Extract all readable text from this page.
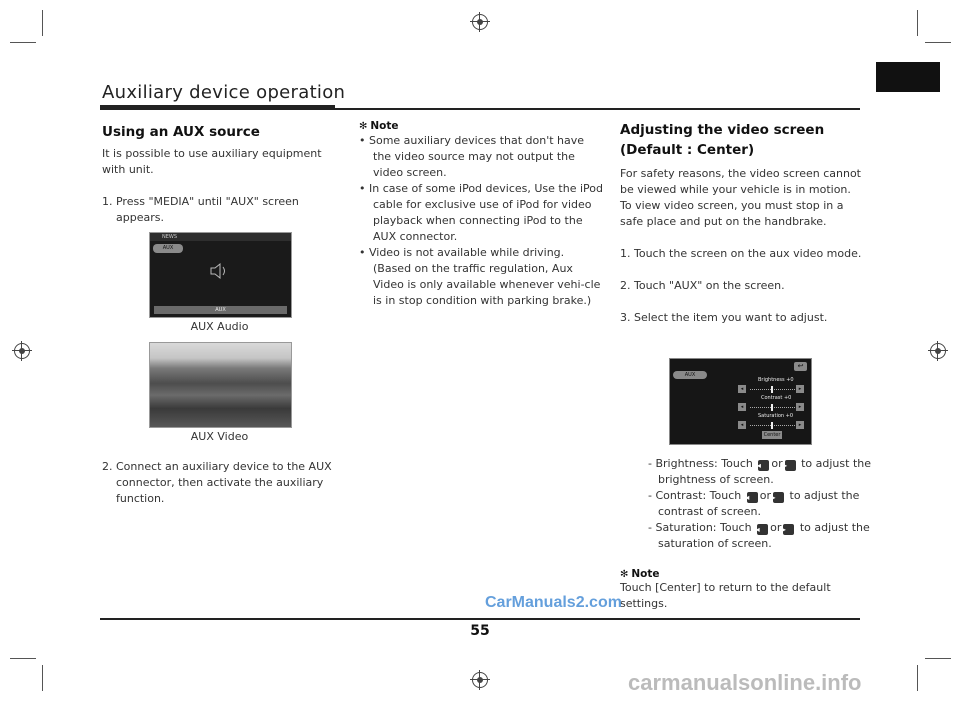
Auxiliary device operation
Using an AUX source
It is possible to use auxiliary equipment with unit.
1. Press "MEDIA" until "AUX" screen appears.
NEWS
AUX
AUX
AUX Audio
AUX Video
2. Connect an auxiliary device to the AUX connector, then activate the auxiliary function.
✻ Note
• Some auxiliary devices that don't have the video source may not output the video screen.
• In case of some iPod devices, Use the iPod cable for exclusive use of iPod for video playback when connecting iPod to the AUX connector.
• Video is not available while driving. (Based on the traffic regulation, Aux Video is only available whenever vehi-cle is in stop condition with parking brake.)
Adjusting the video screen
(Default : Center)
For safety reasons, the video screen cannot be viewed while your vehicle is in motion. To view video screen, you must stop in a safe place and put on the handbrake.
1. Touch the screen on the aux video mode.
2. Touch "AUX" on the screen.
3. Select the item you want to adjust.
↩
AUX
Brightness +0
◂	▸
Contrast +0
◂	▸
Saturation +0
◂	▸
Center
- Brightness: Touch ◂ or▸ to adjust the brightness of screen.
- Contrast: Touch ◂ or▸ to adjust the contrast of screen.
- Saturation: Touch ◂ or▸ to adjust the saturation of screen.
✻ Note
Touch [Center] to return to the default settings.
55
CarManuals2.com
carmanualsonline.info
